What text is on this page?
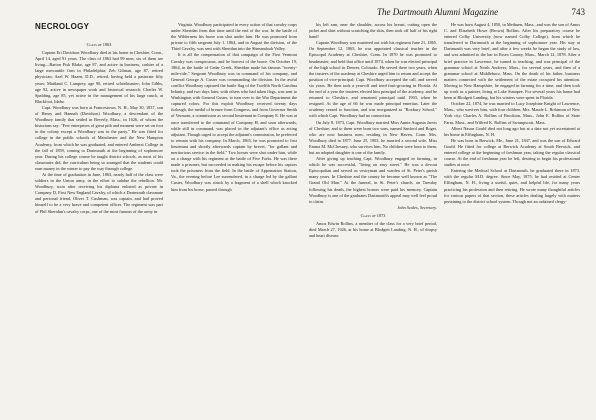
The Dartmouth Alumni Magazine	743
NECROLOGY

Class of 1863

Captain Eri Davidson Woodbury died at his home in Cheshire, Conn., April 14, aged 91 years. The class of 1863 had 99 men; six of them are living—Barton Fisk Blake, age 87, and active in business, cashier of a large mercantile firm in Philadelphia; Zeb Gilman, age 87, retired physician; Azel W. Hazen, D.D., retired, having held a pastorate fifty years; Maitland C. Lamprey, age 90, retired schoolmaster; John Gibbs, age 92, active in newspaper work and historical research; Charles W. Spalding, age 85, yet active in the management of his large ranch, at Blackfoot, Idaho.

Capt. Woodbury was born at Francestown, N. H., May 30, 1837, son of Henry and Hannah (Davidson) Woodbury, a descendant of the Woodbury family that settled in Beverly, Mass., in 1626, of whom the historians say: "Few enterprises of great pith and moment were set on foot in the colony except a Woodbury was in the party." He was fitted for college in the public schools of Manchester and the New Hampton Academy, from which he was graduated, and entered Amherst College in the fall of 1859, coming to Dartmouth at the beginning of sophomore year. During his college course he taught district schools, as most of his classmates did, the curriculum being so arranged that the students could earn money in the winter to pay the way through college.

At the time of graduation in June, 1863, nearly half of the class were soldiers in the Union army, in the effort to subdue the rebellion. Mr. Woodbury, soon after receiving his diploma enlisted as private in Company D, First New England Cavalry, of which a Dartmouth classmate and personal friend, Oliver T. Cushman, was captain, and had proved himself to be a very brave and competent officer. The regiment was part of Phil Sheridan's cavalry corps, one of the most famous of the army in

Virginia. Woodbury participated in every action of that cavalry corps under Sheridan from that time until the end of the war. In the battle of the Wilderness his horse was shot under him. He was promoted from private to fifth sergeant July 1, 1864, and in August the division, of the Third Cavalry, was sent with Sheridan into the Shenandoah Valley.

It is all the compensation of that campaign of the First Vermont Cavalry was conspicuous, and he bravest of the brave. On October 19, 1864, in the battle of Cedar Creek, Sheridan made his famous "twenty-mile-ride," Sergeant Woodbury was in command of his company, and General George A. Custer was commanding the division. In the awful conflict Woodbury captured the battle flag of the Twelfth North Carolina Infantry, and two days later, with others who had taken flags, was sent to Washington with General Custer, to turn over to the War Department the captured colors. For this exploit Woodbury received twenty days furlough, the medal of bronze from Congress, and from Governor Smith of Vermont, a commission as second lieutenant in Company E. He was at once transferred to the command of Company H, and soon afterwards, while still in command, was placed in the adjutant's office as acting adjutant. Though urged to accept the adjutant's commission, he preferred to remain with his company. In March, 1865, he was promoted to first lieutenant and shortly afterwards captain by brevet, "for gallant and meritorious service in the field." Two horses were shot under him, while on a charge with his regiment at the battle of Five Forks. He was there made a prisoner, but succeeded in making his escape before his captors took the prisoners from the field. In the battle of Appomattox Station, Va., the evening before Lee surrendered, in a charge led by the gallant Custer, Woodbury was struck by a fragment of a shell which knocked him from his horse, passed through

his left arm, near the shoulder, across his breast, cutting open the jacket and shirt without scratching the skin, then took off half of his right hand!

Captain Woodbury was mustered out with his regiment June 21, 1865. On September 12, 1865, he was appointed classical teacher in the Episcopal Academy at Cheshire, Conn. In 1870 he was promoted to headmaster, and held that office until 1874, when he was elected principal of the high school in Denver, Colorado. He served there two years, when the trustees of the academy at Cheshire urged him to return and accept the position of vice-principal; Capt. Woodbury accepted the call, and served six years. He then took a year-off and tried fruit-growing in Florida. At the end of a year the trustees elected him principal of the academy, and he returned to Cheshire, and remained principal until 1903, when he resigned. At the age of 66 he was made principal emeritus. Later the academy ceased to function, and was reorganized as "Roxbury School," with which Capt. Woodbury had no connection.

On July 8, 1873, Capt. Woodbury married Miss Annie Augusta Jarvis of Cheshire, and to them were born two sons, named Sanford and Roger, who are now business men, residing in New Haven, Conn. Mrs. Woodbury died in 1877. June 25, 1903, he married a second wife, Miss Emma M. McChesney, who survives him. No children were born to them, but an adopted daughter is one of the family.

After giving up teaching Capt. Woodbury engaged in farming, in which he was successful, "living on easy street." He was a devout Episcopalian and served as vestryman and warden of St. Peter's parish many years. In Cheshire and the county he became well known as "The Grand Old Man." At the funeral, in St. Peter's church, on Tuesday following his death, the highest honors were paid his memory. Captain Woodbury is one of the graduates Dartmouth's appeal may well feel proud to claim.

John Scales, Secretary.

Class of 1873

Amos Edwin Rollins, a member of the class for a very brief period, died March 27, 1926, at his home at Blodgett Landing, N. H., of dropsy and heart disease.

He was born August 4, 1850, in Methuen, Mass., and was the son of Amos C. and Elizabeth Howe (Brown) Rollins. After his preparatory course he entered Colby University (now named Colby College), from which he transferred to Dartmouth at the beginning of sophomore year. His stay at Dartmouth was very brief, and after a few weeks he began the study of law, and was admitted to the bar in Essex County, Mass., March 12, 1878. After a brief practice in Lawrence, he turned to teaching, and was principal of the grammar school at North Andover, Mass., for several years, and then of a grammar school at Middleboro, Mass. On the death of his father, business matters connected with the settlement of the estate occupied his attention. Moving to New Hampshire, he engaged in farming for a time, and then took up work as a painter, living at Lake Sunapee. For several years his home had been at Blodgett Landing, but his winters were spent in Florida.

October 22, 1874, he was married to Lucy Josephine Knight of Lawrence, Mass., who survives him, with four children, Mrs. Maude L. Robinson of New York city, Charles A. Rollins of Brockton, Mass., John E. Rollins of State Farm, Mass., and Wilfred K. Rollins of Swampscott, Mass.

Albert Nason Gould died not long ago but at a date not yet ascertained at his home in Effingham, N. H.

He was born in Berwick, Me., June 21, 1847, and was the son of Edward Gould. He fitted for college at Berwick Academy at South Berwick, and entered college at the beginning of freshman year, taking the regular classical course. At the end of freshman year he left, desiring to begin his professional studies at once.

Entering the Medical School at Dartmouth, he graduated there in 1873, with the regular M.D. degree. Since May, 1875, he had resided at Center Effingham, N. H., living a useful, quiet, and helpful life, for many years practicing his profession and then retiring. He wrote many thoughtful articles for various papers of that section, these articles dealing largely with matters pertaining to the district school system. Though not an ordained clergy-
